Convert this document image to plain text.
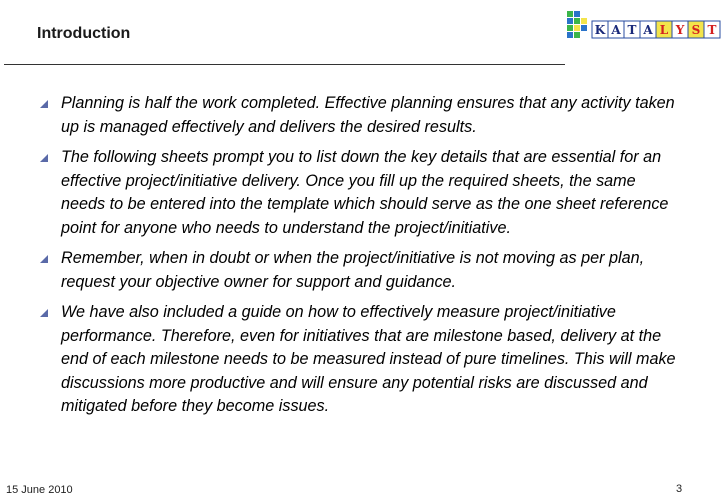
Introduction	K A T A L Y S T
Planning is half the work completed. Effective planning ensures that any activity taken up is managed effectively and delivers the desired results.
The following sheets prompt you to list down the key details that are essential for an effective project/initiative delivery. Once you fill up the required sheets, the same needs to be entered into the template which should serve as the one sheet reference point for anyone who needs to understand the project/initiative.
Remember, when in doubt or when the project/initiative is not moving as per plan, request your objective owner for support and guidance.
We have also included a guide on how to effectively measure project/initiative performance. Therefore, even for initiatives that are milestone based, delivery at the end of each milestone needs to be measured instead of pure timelines. This will make discussions more productive and will ensure any potential risks are discussed and mitigated before they become issues.
15 June 2010	3
